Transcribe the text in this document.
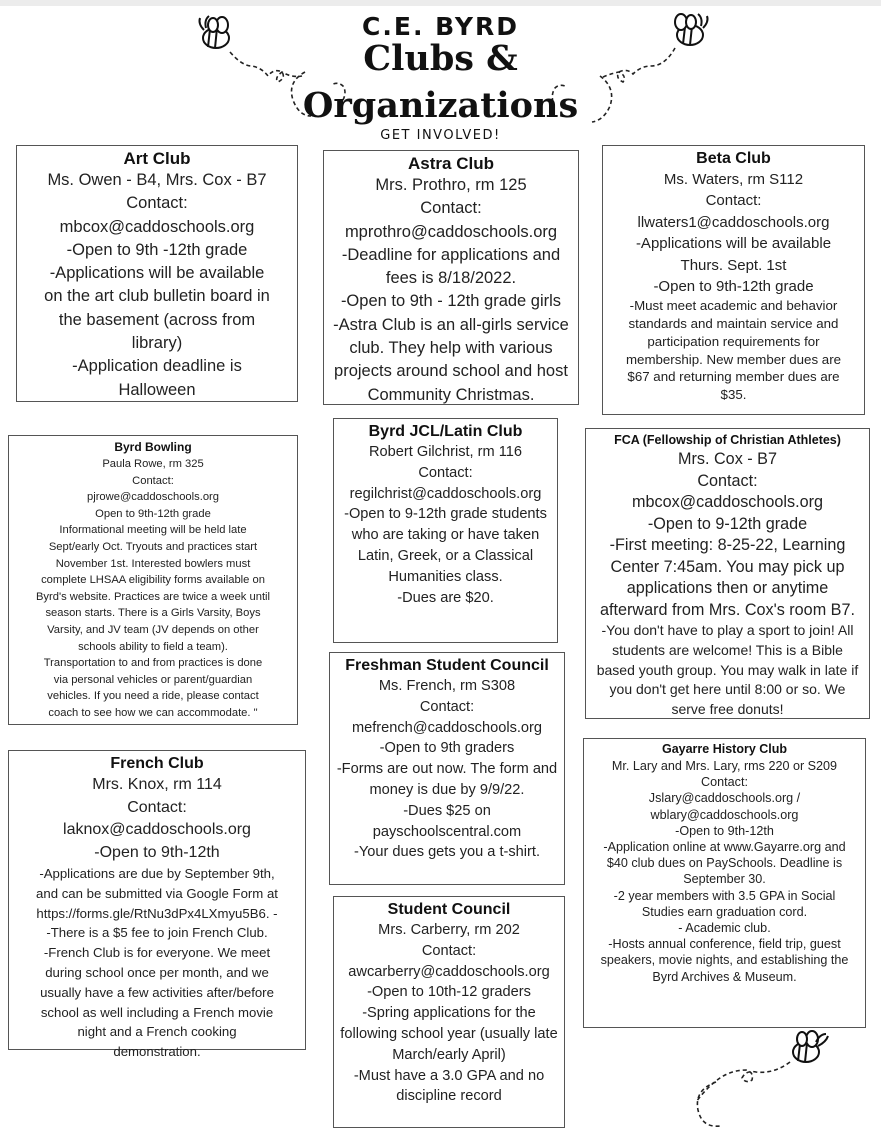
C.E. BYRD
Clubs &
Organizations
GET INVOLVED!
Art Club
Ms. Owen - B4, Mrs. Cox - B7
Contact:
mbcox@caddoschools.org
-Open to 9th -12th grade
-Applications will be available
on the art club bulletin board in
the basement (across from
library)
-Application deadline is
Halloween
Astra Club
Mrs. Prothro, rm 125
Contact:
mprothro@caddoschools.org
-Deadline for applications and
fees is 8/18/2022.
-Open to 9th - 12th grade girls
-Astra Club is an all-girls service
club. They help with various
projects around school and host
Community Christmas.
Beta Club
Ms. Waters, rm S112
Contact:
llwaters1@caddoschools.org
-Applications will be available
Thurs. Sept. 1st
-Open to 9th-12th grade
-Must meet academic and behavior
standards and maintain service and
participation requirements for
membership. New member dues are
$67 and returning member dues are
$35.
Byrd Bowling
Paula Rowe, rm 325
Contact:
pjrowe@caddoschools.org
Open to 9th-12th grade
Informational meeting will be held late
Sept/early Oct. Tryouts and practices start
November 1st. Interested bowlers must
complete LHSAA eligibility forms available on
Byrd's website. Practices are twice a week until
season starts. There is a Girls Varsity, Boys
Varsity, and JV team (JV depends on other
schools ability to field a team).
Transportation to and from practices is done
via personal vehicles or parent/guardian
vehicles. If you need a ride, please contact
coach to see how we can accommodate. "
Byrd JCL/Latin Club
Robert Gilchrist, rm 116
Contact:
regilchrist@caddoschools.org
-Open to 9-12th grade students
who are taking or have taken
Latin, Greek, or a Classical
Humanities class.
-Dues are $20.
FCA (Fellowship of Christian Athletes)
Mrs. Cox - B7
Contact:
mbcox@caddoschools.org
-Open to 9-12th grade
-First meeting: 8-25-22, Learning
Center 7:45am. You may pick up
applications then or anytime
afterward from Mrs. Cox's room B7.
-You don't have to play a sport to join! All
students are welcome! This is a Bible
based youth group. You may walk in late if
you don't get here until 8:00 or so. We
serve free donuts!
Freshman Student Council
Ms. French, rm S308
Contact:
mefrench@caddoschools.org
-Open to 9th graders
-Forms are out now. The form and
money is due by 9/9/22.
-Dues $25 on
payschoolscentral.com
-Your dues gets you a t-shirt.
French Club
Mrs. Knox, rm 114
Contact:
laknox@caddoschools.org
-Open to 9th-12th
-Applications are due by September 9th,
and can be submitted via Google Form at
https://forms.gle/RtNu3dPx4LXmyu5B6. -
-There is a $5 fee to join French Club.
-French Club is for everyone. We meet
during school once per month, and we
usually have a few activities after/before
school as well including a French movie
night and a French cooking
demonstration.
Gayarre History Club
Mr. Lary and Mrs. Lary, rms 220 or S209
Contact:
Jslary@caddoschools.org /
wblary@caddoschools.org
-Open to 9th-12th
-Application online at www.Gayarre.org and
$40 club dues on PaySchools. Deadline is
September 30.
-2 year members with 3.5 GPA in Social
Studies earn graduation cord.
- Academic club.
-Hosts annual conference, field trip, guest
speakers, movie nights, and establishing the
Byrd Archives & Museum.
Student Council
Mrs. Carberry, rm 202
Contact:
awcarberry@caddoschools.org
-Open to 10th-12 graders
-Spring applications for the
following school year (usually late
March/early April)
-Must have a 3.0 GPA and no
discipline record
